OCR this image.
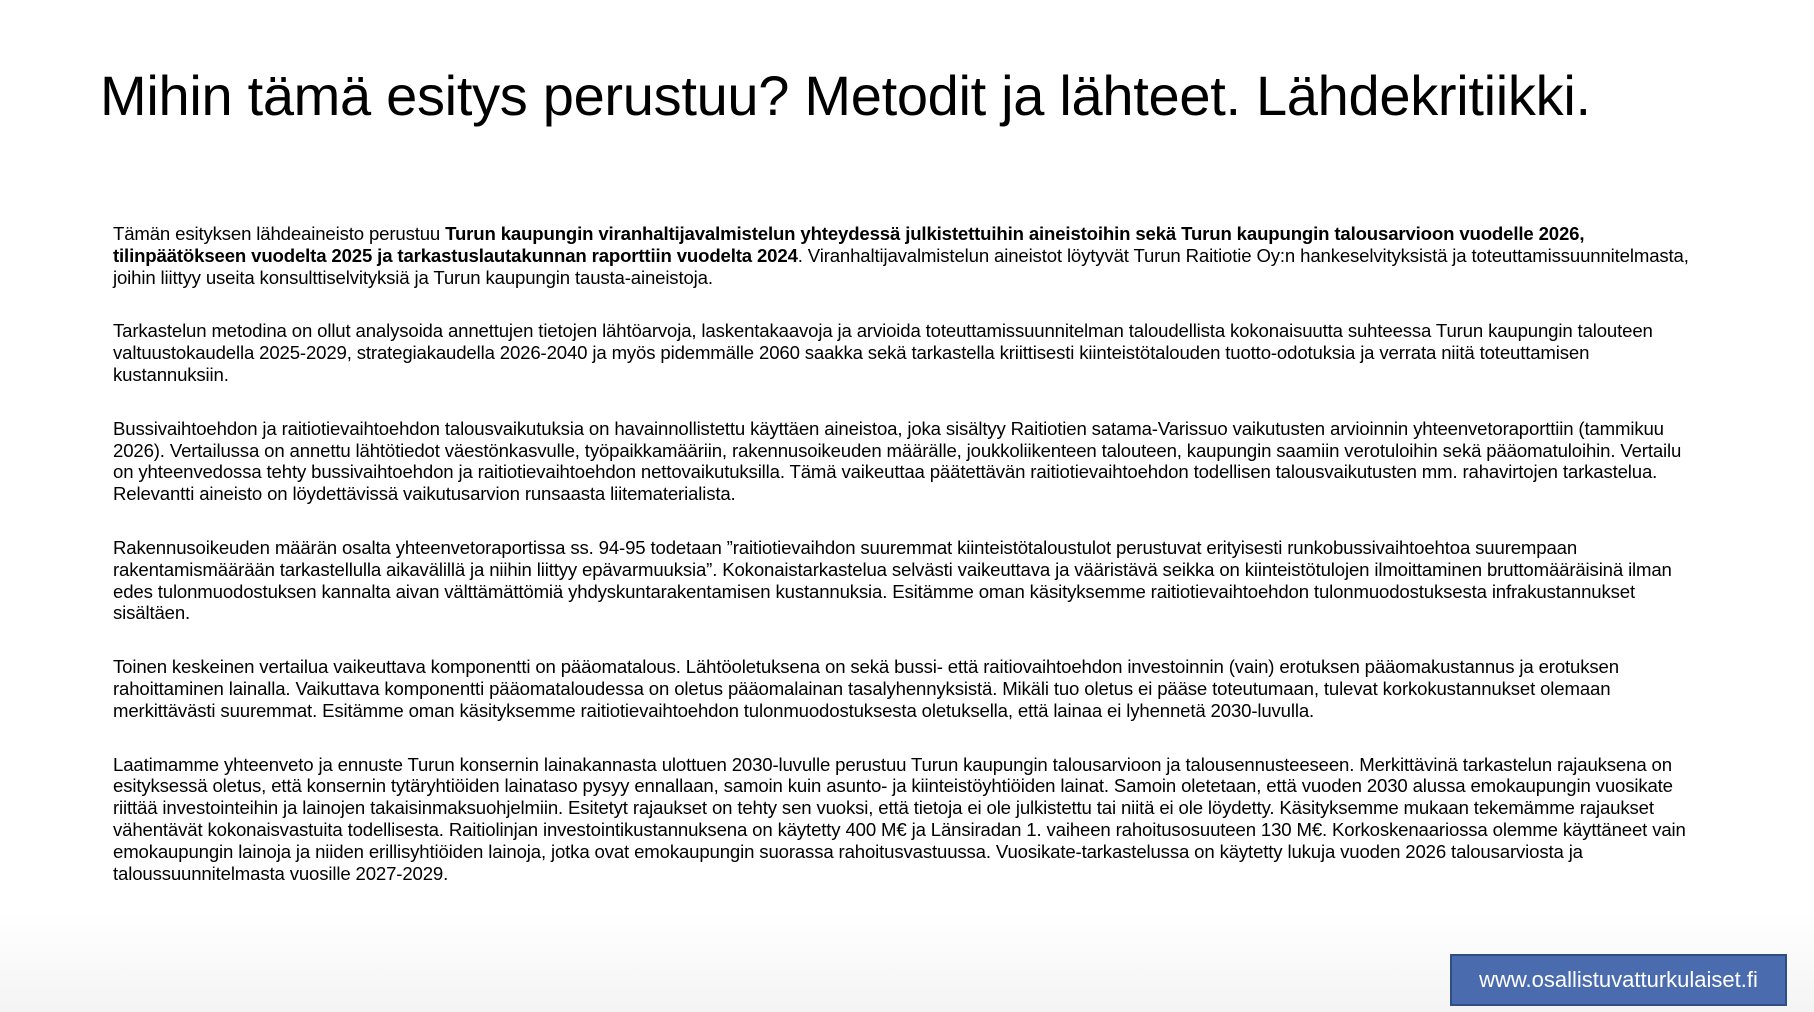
Mihin tämä esitys perustuu? Metodit ja lähteet. Lähdekritiikki.

Tämän esityksen lähdeaineisto perustuu Turun kaupungin viranhaltijavalmistelun yhteydessä julkistettuihin aineistoihin sekä Turun kaupungin talousarvioon vuodelle 2026, tilinpäätökseen vuodelta 2025 ja tarkastuslautakunnan raporttiin vuodelta 2024. Viranhaltijavalmistelun aineistot löytyvät Turun Raitiotie Oy:n hankeselvityksistä ja toteuttamissuunnitelmasta, joihin liittyy useita konsulttiselvityksiä ja Turun kaupungin tausta-aineistoja.

Tarkastelun metodina on ollut analysoida annettujen tietojen lähtöarvoja, laskentakaavoja ja arvioida toteuttamissuunnitelman taloudellista kokonaisuutta suhteessa Turun kaupungin talouteen valtuustokaudella 2025-2029, strategiakaudella 2026-2040 ja myös pidemmälle 2060 saakka sekä tarkastella kriittisesti kiinteistötalouden tuotto-odotuksia ja verrata niitä toteuttamisen kustannuksiin.

Bussivaihtoehdon ja raitiotievaihtoehdon talousvaikutuksia on havainnollistettu käyttäen aineistoa, joka sisältyy Raitiotien satama-Varissuo vaikutusten arvioinnin yhteenvetoraporttiin (tammikuu 2026). Vertailussa on annettu lähtötiedot väestönkasvulle, työpaikkamääriin, rakennusoikeuden määrälle, joukkoliikenteen talouteen, kaupungin saamiin verotuloihin sekä pääomatuloihin. Vertailu on yhteenvedossa tehty bussivaihtoehdon ja raitiotievaihtoehdon nettovaikutuksilla. Tämä vaikeuttaa päätettävän raitiotievaihtoehdon todellisen talousvaikutusten mm. rahavirtojen tarkastelua. Relevantti aineisto on löydettävissä vaikutusarvion runsaasta liitematerialista.

Rakennusoikeuden määrän osalta yhteenvetoraportissa ss. 94-95 todetaan ”raitiotievaihdon suuremmat kiinteistötaloustulot perustuvat erityisesti runkobussivaihtoehtoa suurempaan rakentamismäärään tarkastellulla aikavälillä ja niihin liittyy epävarmuuksia”. Kokonaistarkastelua selvästi vaikeuttava ja vääristävä seikka on kiinteistötulojen ilmoittaminen bruttomääräisinä ilman edes tulonmuodostuksen kannalta aivan välttämättömiä yhdyskuntarakentamisen kustannuksia. Esitämme oman käsityksemme raitiotievaihtoehdon tulonmuodostuksesta infrakustannukset sisältäen.

Toinen keskeinen vertailua vaikeuttava komponentti on pääomatalous. Lähtöoletuksena on sekä bussi- että raitiovaihtoehdon investoinnin (vain) erotuksen pääomakustannus ja erotuksen rahoittaminen lainalla. Vaikuttava komponentti pääomataloudessa on oletus pääomalainan tasalyhennyksistä. Mikäli tuo oletus ei pääse toteutumaan, tulevat korkokustannukset olemaan merkittävästi suuremmat. Esitämme oman käsityksemme raitiotievaihtoehdon tulonmuodostuksesta oletuksella, että lainaa ei lyhennetä 2030-luvulla.

Laatimamme yhteenveto ja ennuste Turun konsernin lainakannasta ulottuen 2030-luvulle perustuu Turun kaupungin talousarvioon ja talousennusteeseen. Merkittävinä tarkastelun rajauksena on esityksessä oletus, että konsernin tytäryhtiöiden lainataso pysyy ennallaan, samoin kuin asunto- ja kiinteistöyhtiöiden lainat. Samoin oletetaan, että vuoden 2030 alussa emokaupungin vuosikate riittää investointeihin ja lainojen takaisinmaksuohjelmiin. Esitetyt rajaukset on tehty sen vuoksi, että tietoja ei ole julkistettu tai niitä ei ole löydetty. Käsityksemme mukaan tekemämme rajaukset vähentävät kokonaisvastuita todellisesta. Raitiolinjan investointikustannuksena on käytetty 400 M€ ja Länsiradan 1. vaiheen rahoitusosuuteen 130 M€. Korkoskenaariossa olemme käyttäneet vain emokaupungin lainoja ja niiden erillisyhtiöiden lainoja, jotka ovat emokaupungin suorassa rahoitusvastuussa. Vuosikate-tarkastelussa on käytetty lukuja vuoden 2026 talousarviosta ja taloussuunnitelmasta vuosille 2027-2029.

www.osallistuvatturkulaiset.fi
